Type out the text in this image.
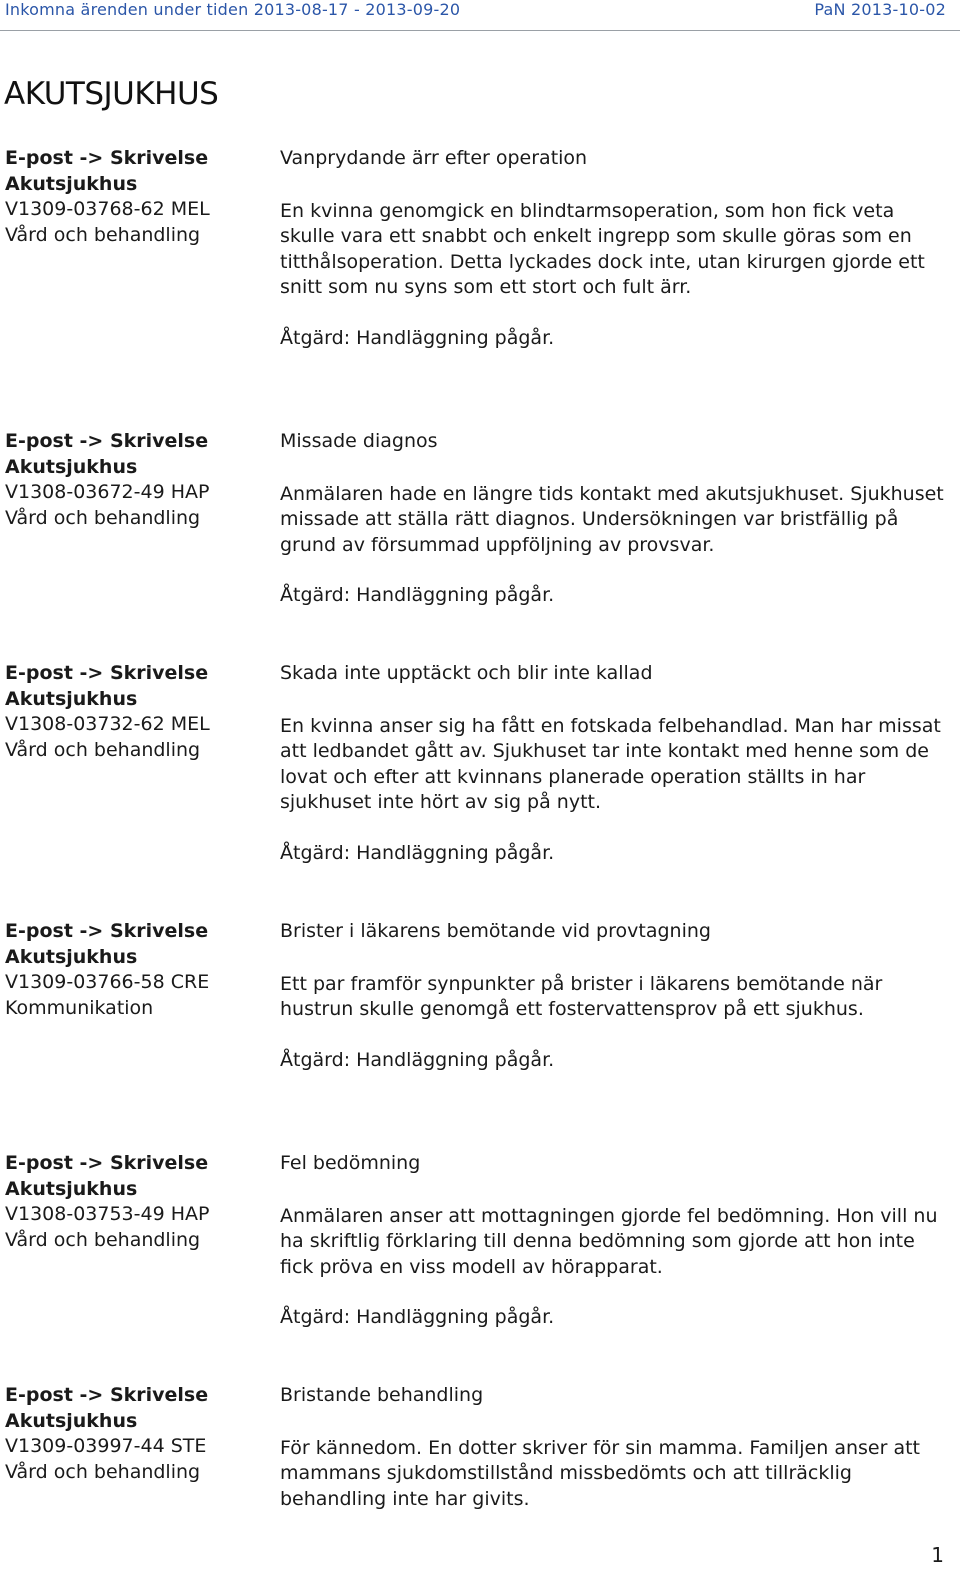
Inkomna ärenden under tiden 2013-08-17 - 2013-09-20	PaN 2013-10-02
AKUTSJUKHUS
E-post -> Skrivelse
Akutsjukhus
V1309-03768-62 MEL
Vård och behandling
Vanprydande ärr efter operation
En kvinna genomgick en blindtarmsoperation, som hon fick veta skulle vara ett snabbt och enkelt ingrepp som skulle göras som en titthålsoperation. Detta lyckades dock inte, utan kirurgen gjorde ett snitt som nu syns som ett stort och fult ärr.
Åtgärd: Handläggning pågår.
E-post -> Skrivelse
Akutsjukhus
V1308-03672-49 HAP
Vård och behandling
Missade diagnos
Anmälaren hade en längre tids kontakt med akutsjukhuset. Sjukhuset missade att ställa rätt diagnos. Undersökningen var bristfällig på grund av försummad uppföljning av provsvar.
Åtgärd: Handläggning pågår.
E-post -> Skrivelse
Akutsjukhus
V1308-03732-62 MEL
Vård och behandling
Skada inte upptäckt och blir inte kallad
En kvinna anser sig ha fått en fotskada felbehandlad. Man har missat att ledbandet gått av. Sjukhuset tar inte kontakt med henne som de lovat och efter att kvinnans planerade operation ställts in har sjukhuset inte hört av sig på nytt.
Åtgärd: Handläggning pågår.
E-post -> Skrivelse
Akutsjukhus
V1309-03766-58 CRE
Kommunikation
Brister i läkarens bemötande vid provtagning
Ett par framför synpunkter på brister i läkarens bemötande när hustrun skulle genomgå ett fostervattensprov på ett sjukhus.
Åtgärd: Handläggning pågår.
E-post -> Skrivelse
Akutsjukhus
V1308-03753-49 HAP
Vård och behandling
Fel bedömning
Anmälaren anser att mottagningen gjorde fel bedömning. Hon vill nu ha skriftlig förklaring till denna bedömning som gjorde att hon inte fick pröva en viss modell av hörapparat.
Åtgärd: Handläggning pågår.
E-post -> Skrivelse
Akutsjukhus
V1309-03997-44 STE
Vård och behandling
Bristande behandling
För kännedom. En dotter skriver för sin mamma. Familjen anser att mammans sjukdomstillstånd missbedömts och att tillräcklig behandling inte har givits.
1
